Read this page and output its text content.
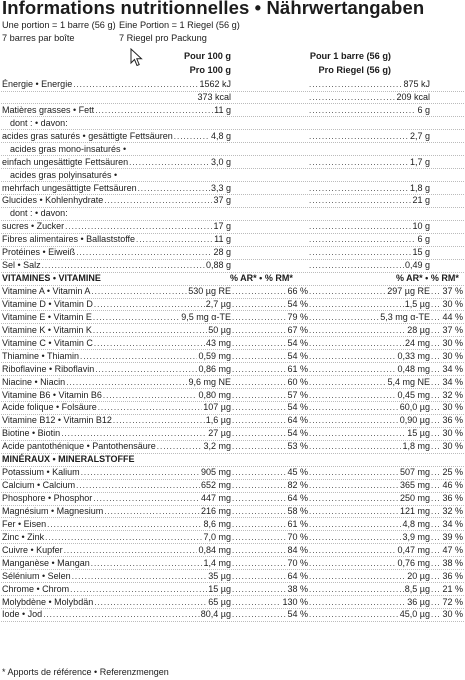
Informations nutritionnelles • Nährwertangaben
Une portion = 1 barre (56 g)
7 barres par boîte
Eine Portion = 1 Riegel (56 g)
7 Riegel pro Packung
Pour 100 g
Pro 100 g
Pour 1 barre (56 g)
Pro Riegel (56 g)
Énergie • Energie .....	1562 kJ .....	875 kJ
373 kcal .....	209 kcal
Matières grasses • Fett .....	11 g .....	6 g
dont : • davon:
acides gras saturés • gesättigte Fettsäuren .....	4,8 g .....	2,7 g
acides gras mono-insaturés •
einfach ungesättigte Fettsäuren .....	3,0 g .....	1,7 g
acides gras polyinsaturés •
mehrfach ungesättigte Fettsäuren .....	3,3 g .....	1,8 g
Glucides • Kohlenhydrate .....	37 g .....	21 g
dont : • davon:
sucres • Zucker .....	17 g .....	10 g
Fibres alimentaires • Ballaststoffe .....	11 g .....	6 g
Protéines • Eiweiß .....	28 g .....	15 g
Sel • Salz .....	0,88 g .....	0,49 g
VITAMINES • VITAMINE	% AR* • % RM*	% AR* • % RM*
Vitamine A • Vitamin A .....	530 µg RE .....	66 % .....	297 µg RE ..... 37 %
Vitamine D • Vitamin D .....	2,7 µg .....	54 % .....	1,5 µg ..... 30 %
Vitamine E • Vitamin E .....	9,5 mg α-TE .....	79 % .....	5,3 mg α-TE ..... 44 %
Vitamine K • Vitamin K .....	50 µg .....	67 % .....	28 µg ..... 37 %
Vitamine C • Vitamin C .....	43 mg .....	54 % .....	24 mg ..... 30 %
Thiamine • Thiamin .....	0,59 mg .....	54 % .....	0,33 mg ..... 30 %
Riboflavine • Riboflavin .....	0,86 mg .....	61 % .....	0,48 mg ..... 34 %
Niacine • Niacin .....	9,6 mg NE .....	60 % .....	5,4 mg NE ..... 34 %
Vitamine B6 • Vitamin B6 .....	0,80 mg .....	57 % .....	0,45 mg ..... 32 %
Acide folique • Folsäure .....	107 µg .....	54 % .....	60,0 µg ..... 30 %
Vitamine B12 • Vitamin B12 .....	1,6 µg .....	64 % .....	0,90 µg ..... 36 %
Biotine • Biotin .....	27 µg .....	54 % .....	15 µg ..... 30 %
Acide pantothénique • Pantothensäure .....	3,2 mg .....	53 % .....	1,8 mg ..... 30 %
MINÉRAUX • MINERALSTOFFE
Potassium • Kalium .....	905 mg .....	45 % .....	507 mg ..... 25 %
Calcium • Calcium .....	652 mg .....	82 % .....	365 mg ..... 46 %
Phosphore • Phosphor .....	447 mg .....	64 % .....	250 mg ..... 36 %
Magnésium • Magnesium .....	216 mg .....	58 % .....	121 mg ..... 32 %
Fer • Eisen .....	8,6 mg .....	61 % .....	4,8 mg ..... 34 %
Zinc • Zink .....	7,0 mg .....	70 % .....	3,9 mg ..... 39 %
Cuivre • Kupfer .....	0,84 mg .....	84 % .....	0,47 mg ..... 47 %
Manganèse • Mangan .....	1,4 mg .....	70 % .....	0,76 mg ..... 38 %
Sélénium • Selen .....	35 µg .....	64 % .....	20 µg ..... 36 %
Chrome • Chrom .....	15 µg .....	38 % .....	8,5 µg ..... 21 %
Molybdène • Molybdän .....	65 µg .....	130 % .....	36 µg ..... 72 %
Iode • Jod .....	80,4 µg .....	54 % .....	45,0 µg ..... 30 %
* Apports de référence • Referenzmengen
